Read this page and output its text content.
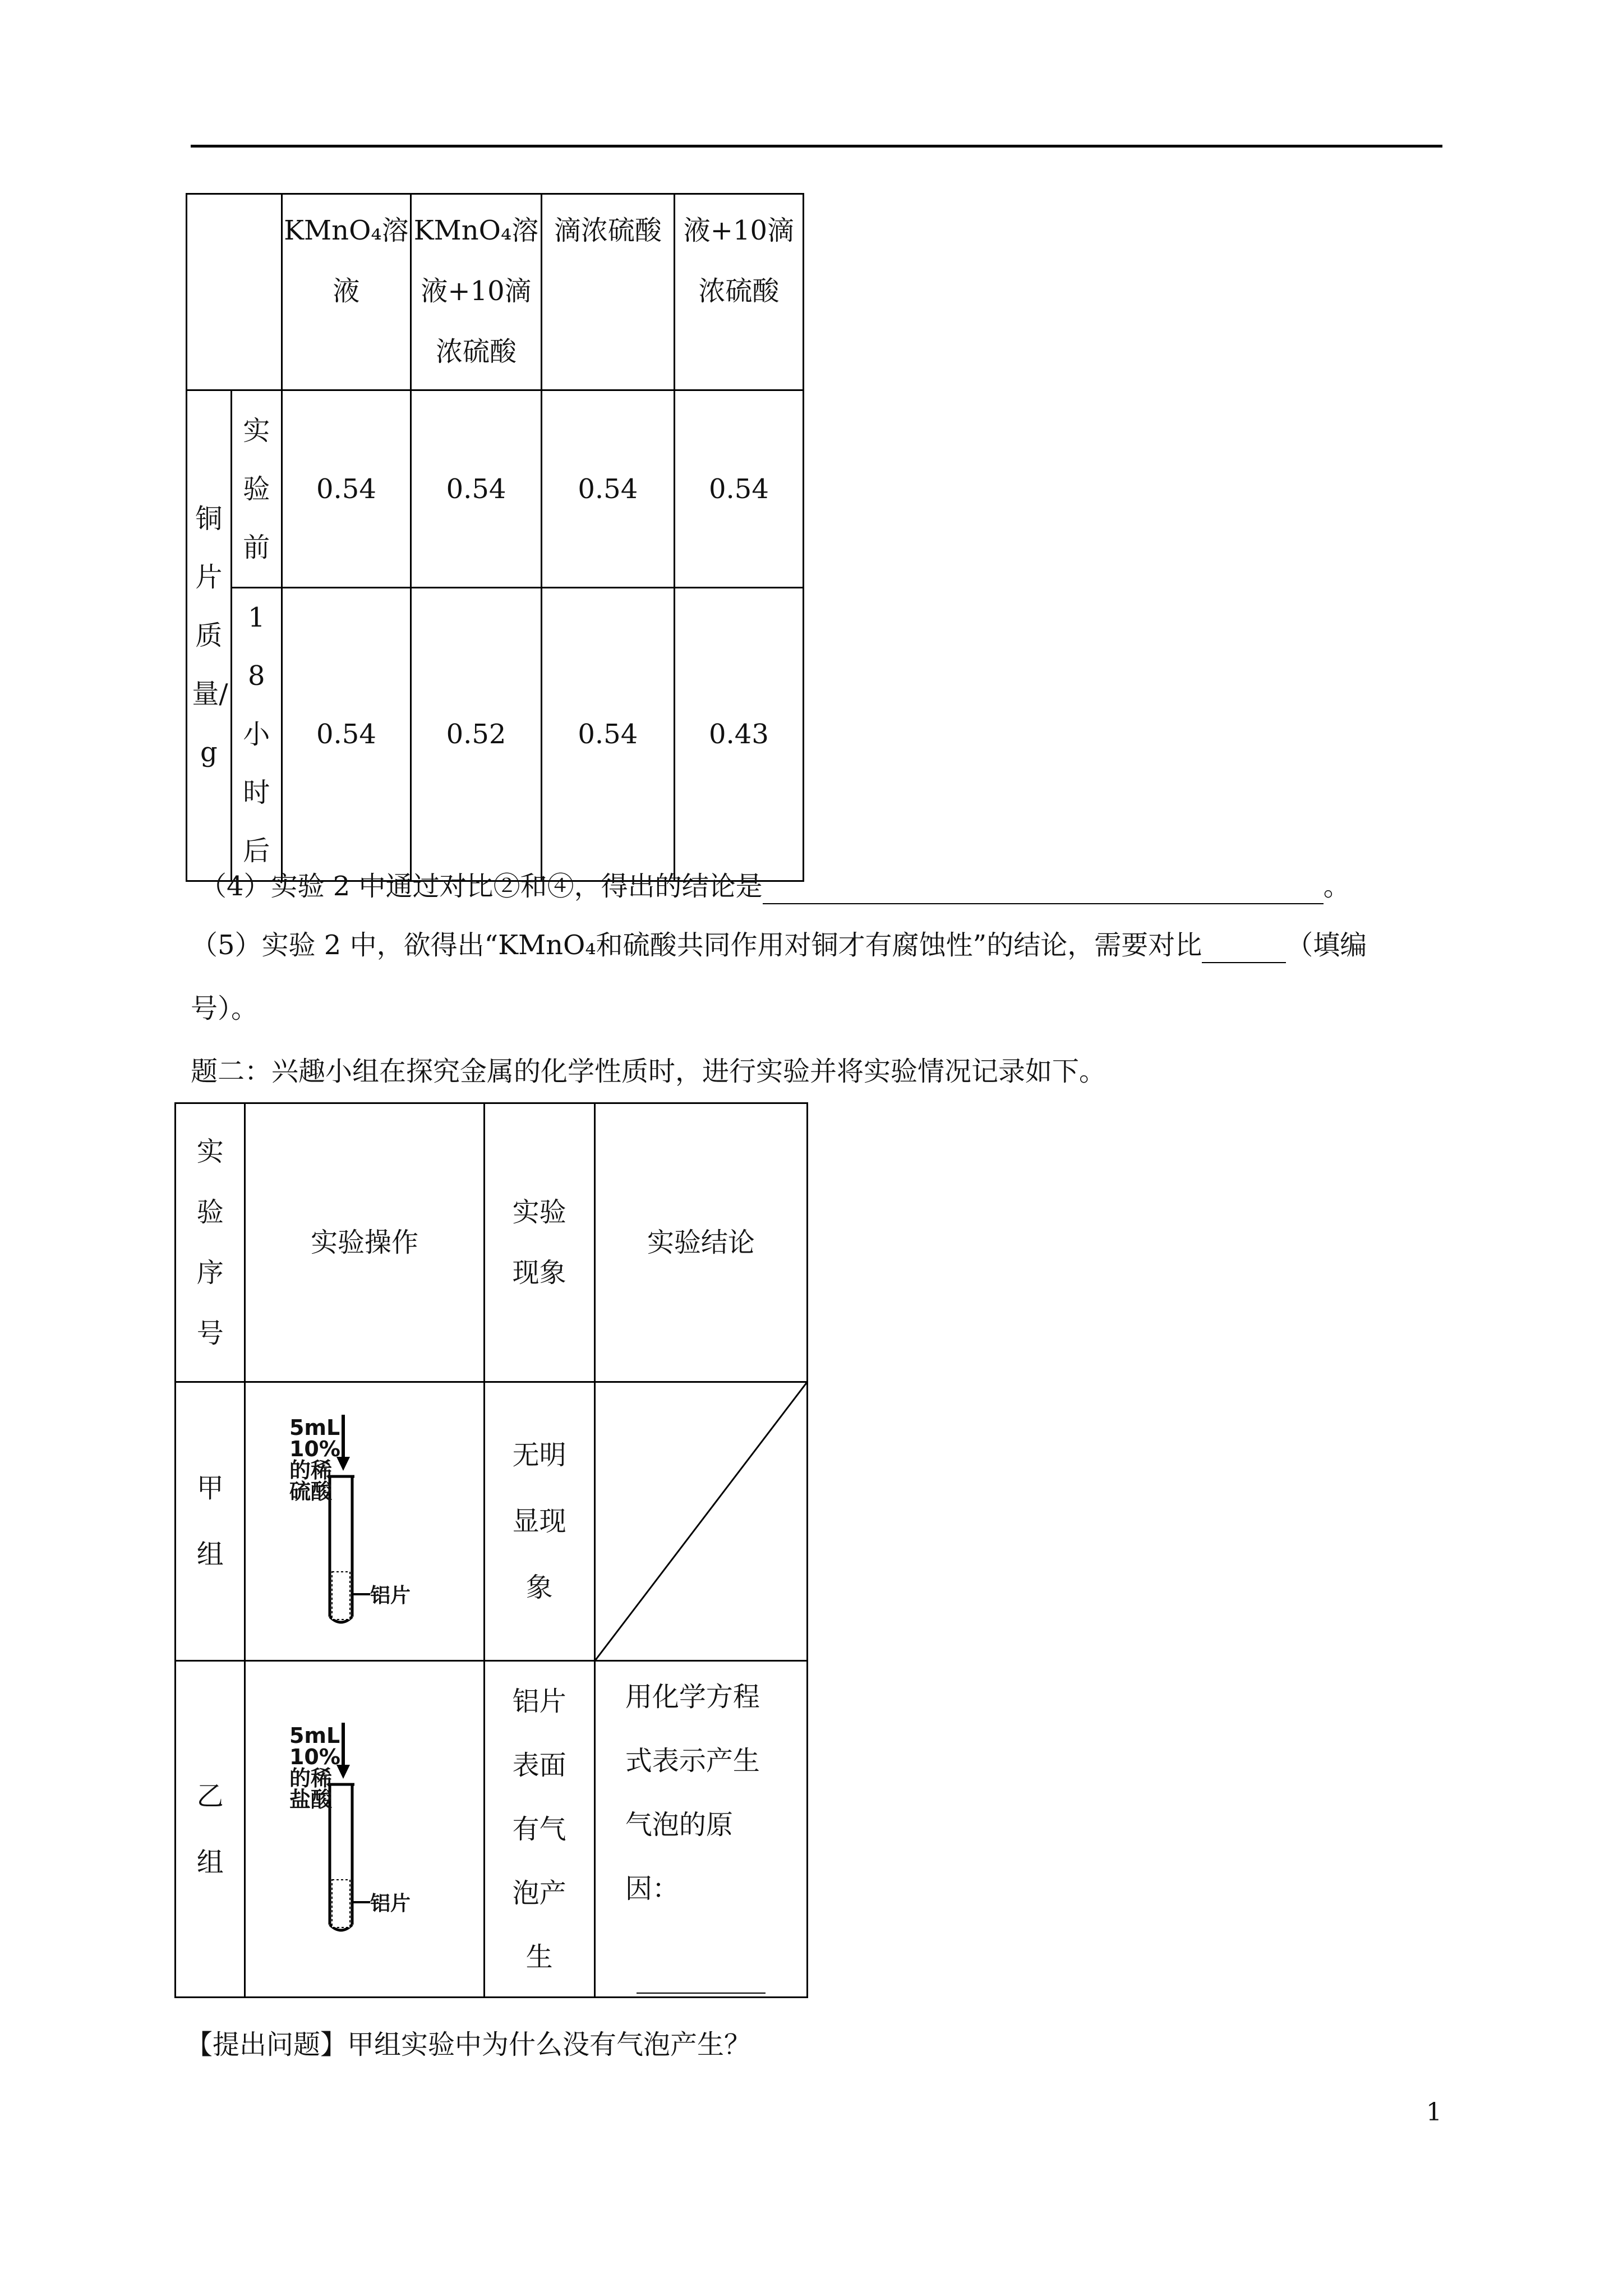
		KMnO₄溶液	KMnO₄溶液+10滴浓硫酸	滴浓硫酸	液+10滴浓硫酸

铜片质量/g	实验前	0.54	0.54	0.54	0.54

	18小时后	0.54	0.52	0.54	0.43
（4）实验 2 中通过对比②和④，得出的结论是	。
（5）实验 2 中，欲得出“KMnO₄和硫酸共同作用对铜才有腐蚀性”的结论，需要对比	（填编
号）。
题二：兴趣小组在探究金属的化学性质时，进行实验并将实验情况记录如下。
实验序号	实验操作	实验现象	实验结论

甲组	5mL
10%
的稀
硫酸
铝片	无明显现象

乙组	5mL
10%
的稀
盐酸
铝片	铝片表面有气泡产生	用化学方程式表示产生气泡的原因：

【提出问题】甲组实验中为什么没有气泡产生？
1
